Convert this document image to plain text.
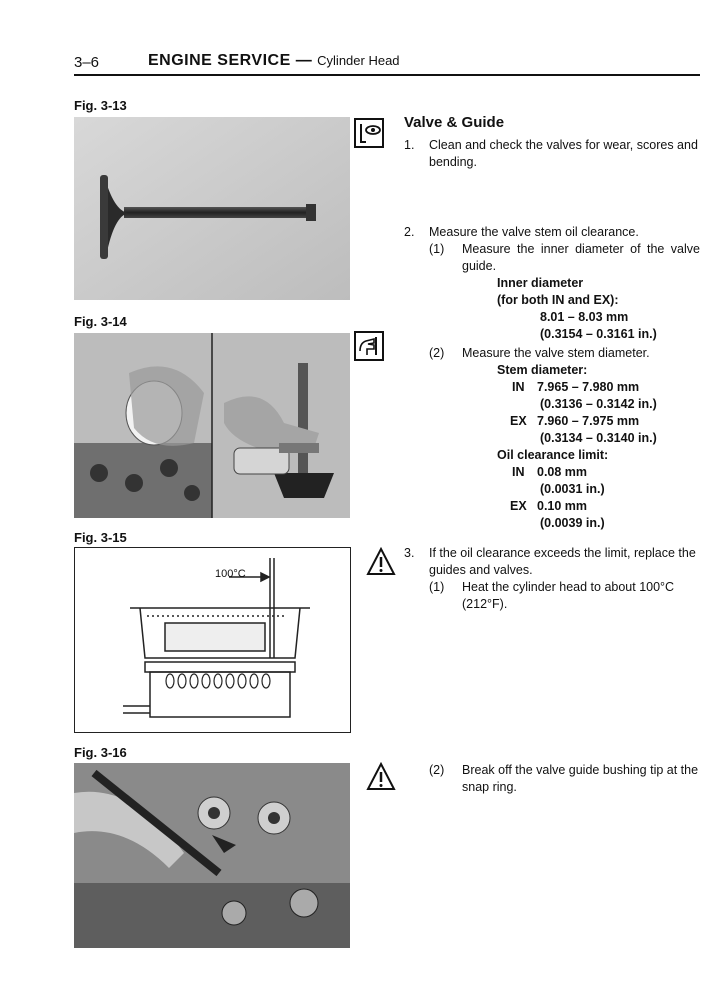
3–6	ENGINE SERVICE — Cylinder Head
Fig. 3-13
Fig. 3-14
Fig. 3-15
100°C
Fig. 3-16
Valve & Guide
1. Clean and check the valves for wear, scores and bending.
2. Measure the valve stem oil clearance.
(1) Measure the inner diameter of the valve guide.
Inner diameter
(for both IN and EX):
8.01 – 8.03 mm
(0.3154 – 0.3161 in.)
(2) Measure the valve stem diameter.
Stem diameter:
IN 7.965 – 7.980 mm
(0.3136 – 0.3142 in.)
EX 7.960 – 7.975 mm
(0.3134 – 0.3140 in.)
Oil clearance limit:
IN 0.08 mm
(0.0031 in.)
EX 0.10 mm
(0.0039 in.)
3. If the oil clearance exceeds the limit, replace the guides and valves.
(1) Heat the cylinder head to about 100°C (212°F).
(2) Break off the valve guide bushing tip at the snap ring.
